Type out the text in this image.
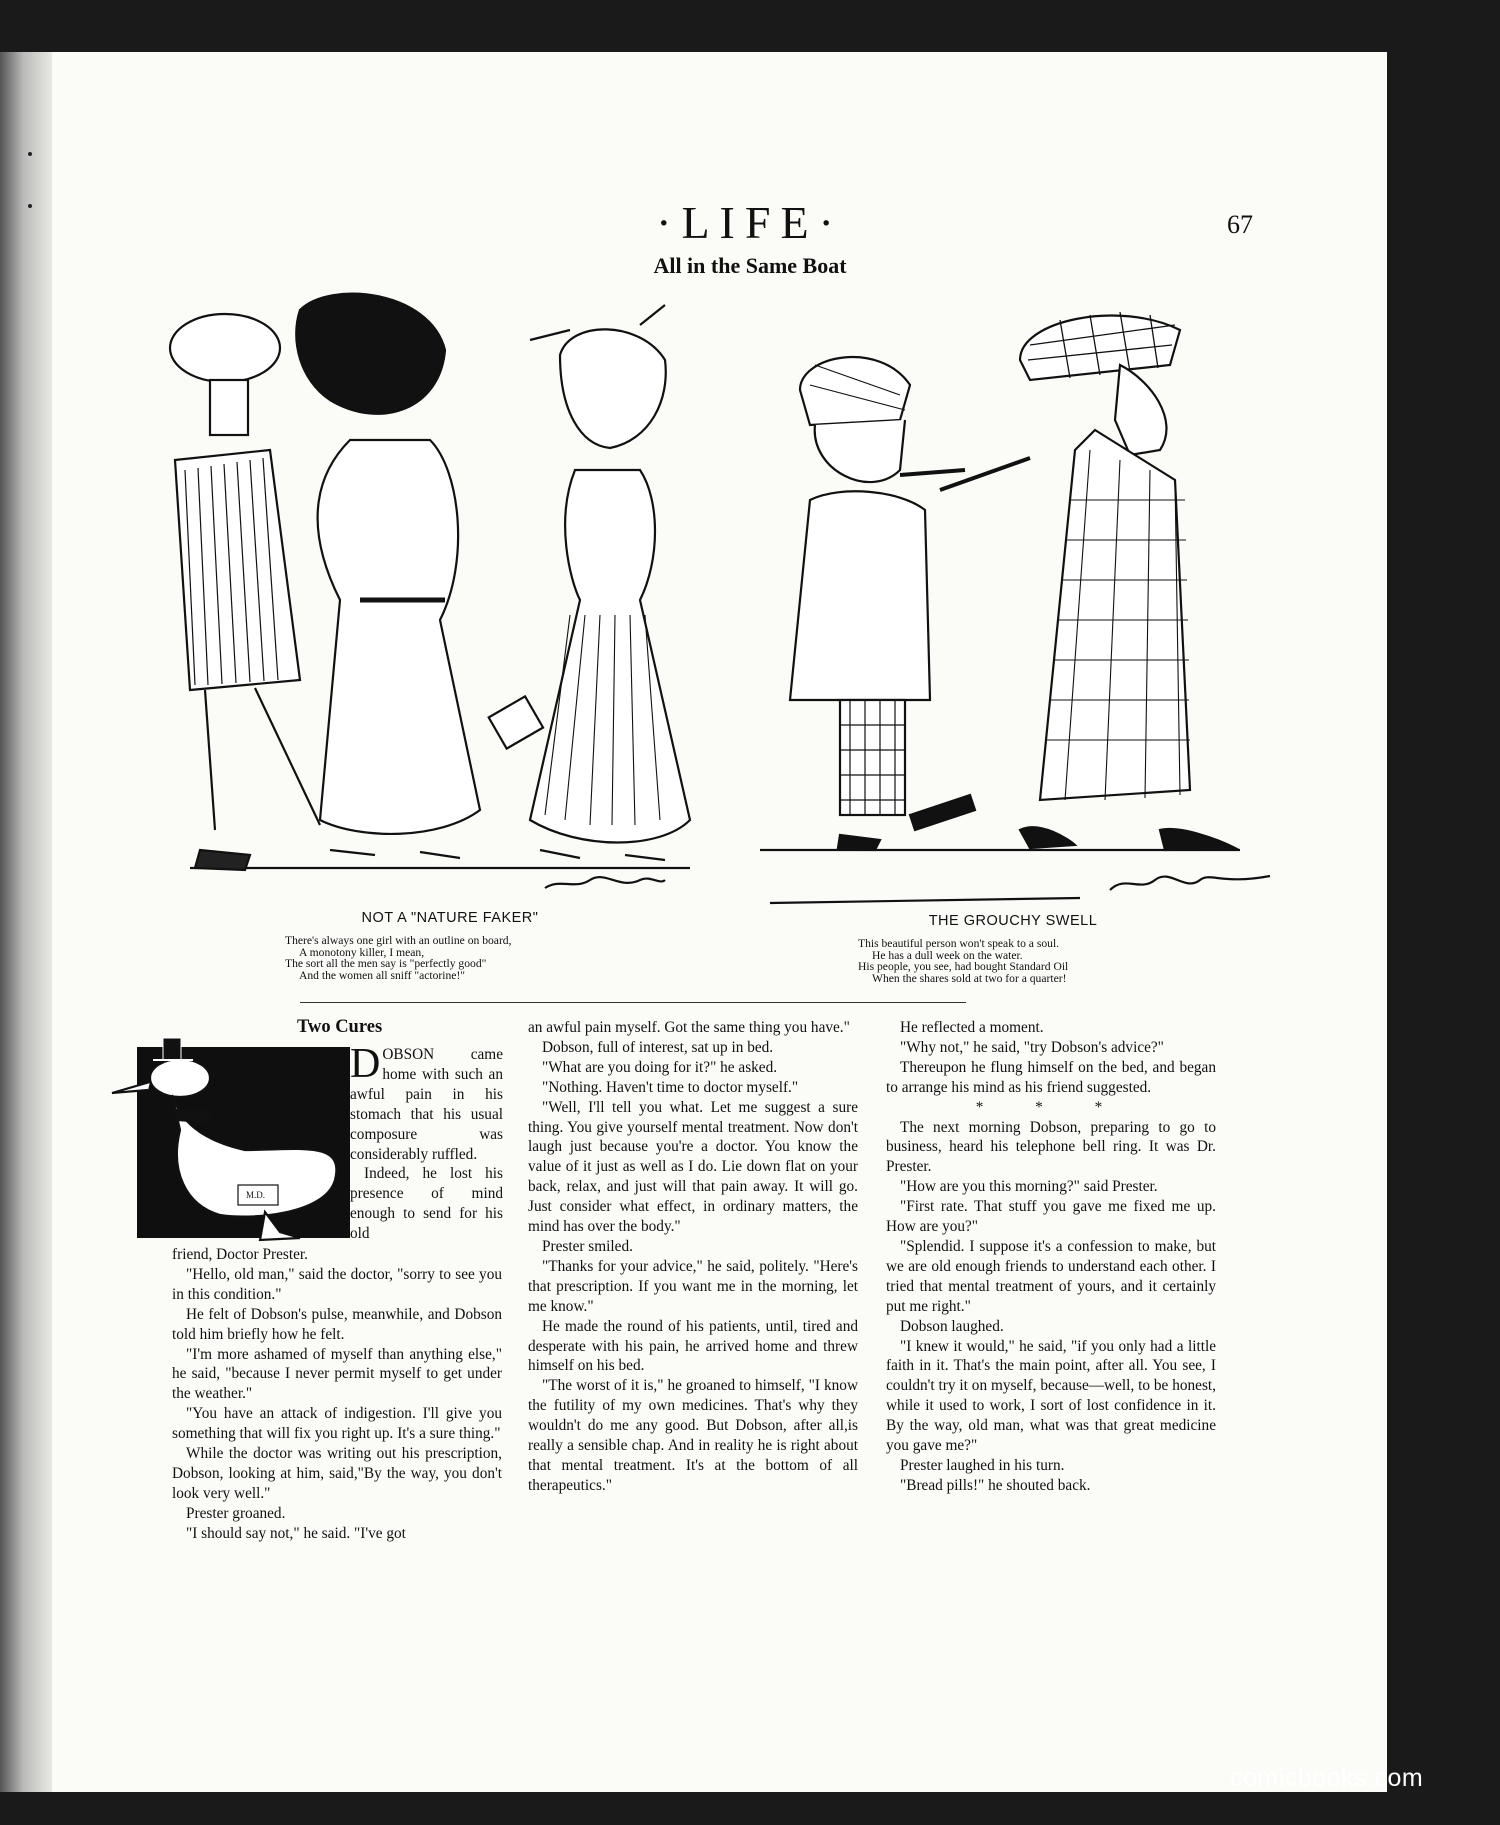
·LIFE·	67
All in the Same Boat
M.D.
NOT A "NATURE FAKER"
There's always one girl with an outline on board,
A monotony killer, I mean,
The sort all the men say is "perfectly good"
And the women all sniff "actorine!"
THE GROUCHY SWELL
This beautiful person won't speak to a soul.
He has a dull week on the water.
His people, you see, had bought Standard Oil
When the shares sold at two for a quarter!
Two Cures

DOBSON came home with such an awful pain in his stomach that his usual composure was considerably ruffled.

Indeed, he lost his presence of mind enough to send for his old

friend, Doctor Prester.

"Hello, old man," said the doctor, "sorry to see you in this condition."

He felt of Dobson's pulse, meanwhile, and Dobson told him briefly how he felt.

"I'm more ashamed of myself than anything else," he said, "because I never permit myself to get under the weather."

"You have an attack of indigestion. I'll give you something that will fix you right up. It's a sure thing."

While the doctor was writing out his prescription, Dobson, looking at him, said,"By the way, you don't look very well."

Prester groaned.

"I should say not," he said. "I've got

an awful pain myself. Got the same thing you have."

Dobson, full of interest, sat up in bed.

"What are you doing for it?" he asked.

"Nothing. Haven't time to doctor myself."

"Well, I'll tell you what. Let me suggest a sure thing. You give yourself mental treatment. Now don't laugh just because you're a doctor. You know the value of it just as well as I do. Lie down flat on your back, relax, and just will that pain away. It will go. Just consider what effect, in ordinary matters, the mind has over the body."

Prester smiled.

"Thanks for your advice," he said, politely. "Here's that prescription. If you want me in the morning, let me know."

He made the round of his patients, until, tired and desperate with his pain, he arrived home and threw himself on his bed.

"The worst of it is," he groaned to himself, "I know the futility of my own medicines. That's why they wouldn't do me any good. But Dobson, after all,is really a sensible chap. And in reality he is right about that mental treatment. It's at the bottom of all therapeutics."

He reflected a moment.

"Why not," he said, "try Dobson's advice?"

Thereupon he flung himself on the bed, and began to arrange his mind as his friend suggested.

* * *

The next morning Dobson, preparing to go to business, heard his telephone bell ring. It was Dr. Prester.

"How are you this morning?" said Prester.

"First rate. That stuff you gave me fixed me up. How are you?"

"Splendid. I suppose it's a confession to make, but we are old enough friends to understand each other. I tried that mental treatment of yours, and it certainly put me right."

Dobson laughed.

"I knew it would," he said, "if you only had a little faith in it. That's the main point, after all. You see, I couldn't try it on myself, because—well, to be honest, while it used to work, I sort of lost confidence in it. By the way, old man, what was that great medicine you gave me?"

Prester laughed in his turn.

"Bread pills!" he shouted back.

comicbooks.com
